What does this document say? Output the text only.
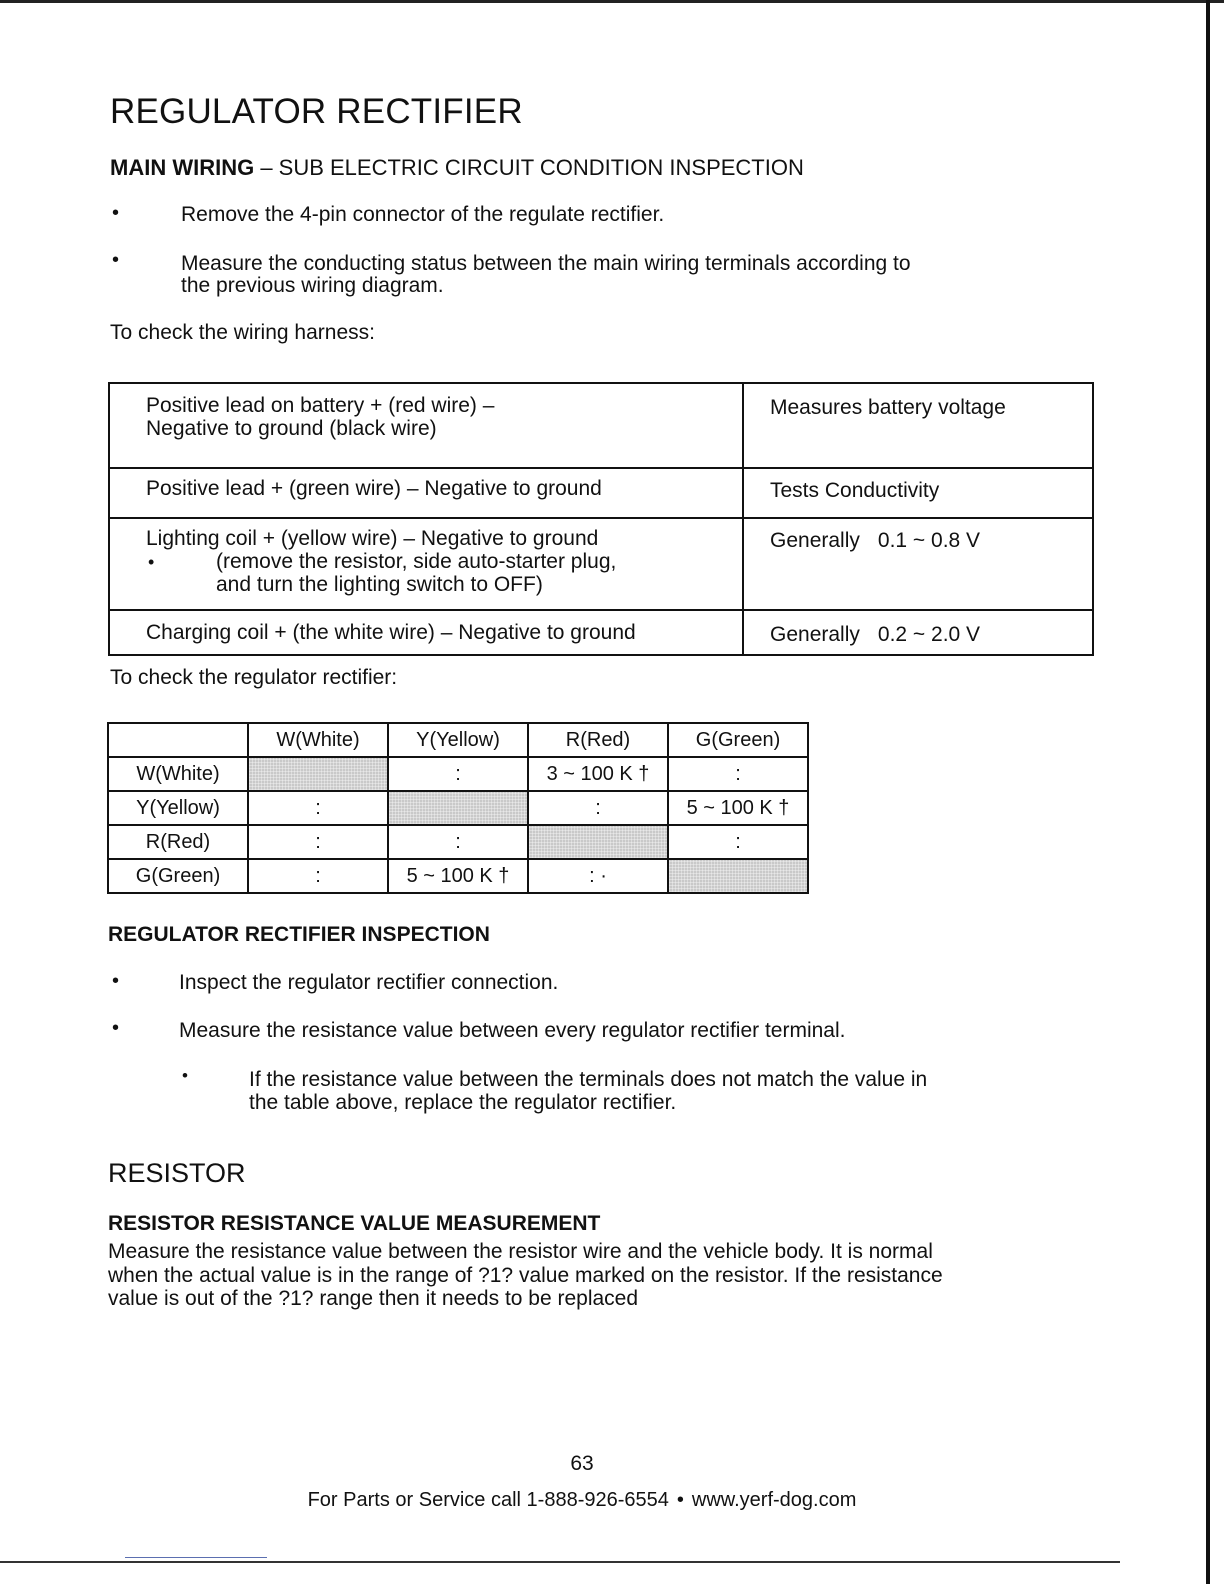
REGULATOR RECTIFIER
MAIN WIRING – SUB ELECTRIC CIRCUIT CONDITION INSPECTION
•	Remove the 4-pin connector of the regulate rectifier.
•	Measure the conducting status between the main wiring terminals according to
the previous wiring diagram.
To check the wiring harness:
Positive lead on battery + (red wire) –
Negative to ground (black wire)	Measures battery voltage

Positive lead + (green wire) – Negative to ground	Tests Conductivity

Lighting coil + (yellow wire) – Negative to ground
• (remove the resistor, side auto-starter plug,
and turn the lighting switch to OFF)	Generally 0.1 ~ 0.8 V

Charging coil + (the white wire) – Negative to ground	Generally 0.2 ~ 2.0 V
To check the regulator rectifier:
	W(White)	Y(Yellow)	R(Red)	G(Green)
W(White)		:	3 ~ 100 K †	:
Y(Yellow)	:		:	5 ~ 100 K †
R(Red)	:	:		:
G(Green)	:	5 ~ 100 K †	: ·	
REGULATOR RECTIFIER INSPECTION
•	Inspect the regulator rectifier connection.
•	Measure the resistance value between every regulator rectifier terminal.
•	If the resistance value between the terminals does not match the value in
the table above, replace the regulator rectifier.
RESISTOR
RESISTOR RESISTANCE VALUE MEASUREMENT
Measure the resistance value between the resistor wire and the vehicle body. It is normal
when the actual value is in the range of ?1? value marked on the resistor. If the resistance
value is out of the ?1? range then it needs to be replaced
63
For Parts or Service call 1-888-926-6554 • www.yerf-dog.com
